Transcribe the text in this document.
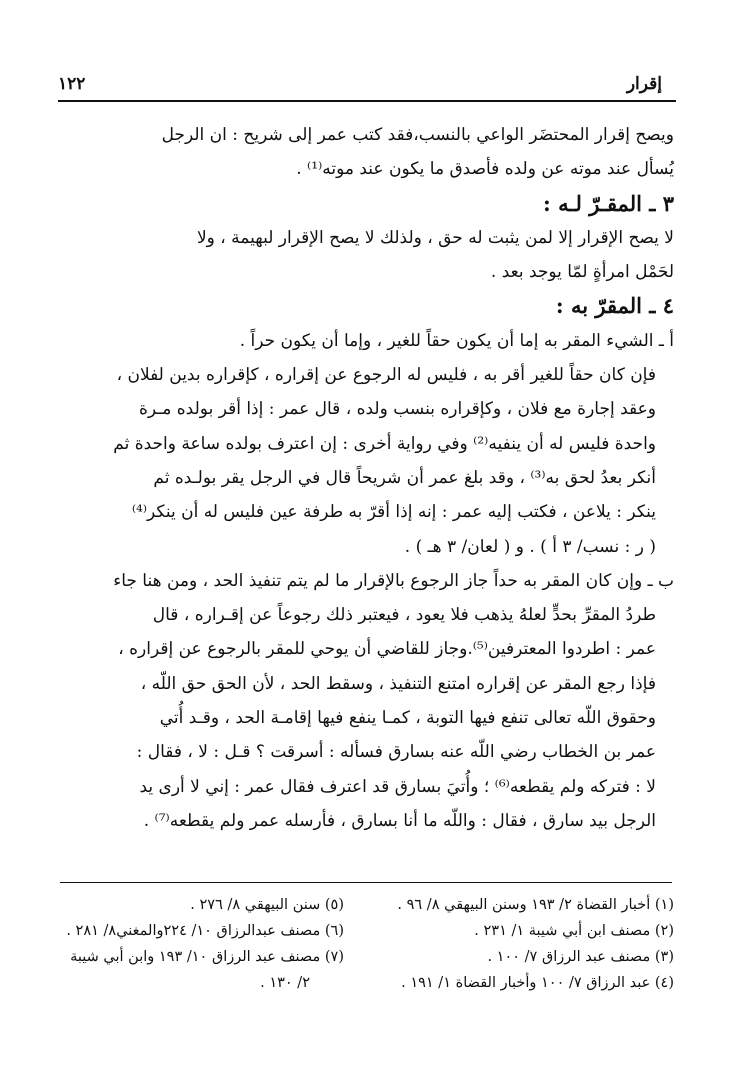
إقرار
١٢٢

ويصح إقرار المحتضَر الواعي بالنسب،فقد كتب عمر إلى شريح : ان الرجل

يُسأل عند موته عن ولده فأصدق ما يكون عند موته⁽¹⁾ .

٣ ـ المقـرّ لـه :

لا يصح الإقرار إلا لمن يثبت له حق ، ولذلك لا يصح الإقرار لبهيمة ، ولا

لحَمْل امرأةٍ لمّا يوجد بعد .

٤ ـ المقرّ به :

أ ـ الشيء المقر به إما أن يكون حقاً للغير ، وإما أن يكون حراً .

فإن كان حقاً للغير أقر به ، فليس له الرجوع عن إقراره ، كإقراره بدين لفلان ،

وعقد إجارة مع فلان ، وكإقراره بنسب ولده ، قال عمر : إذا أقر بولده مـرة

واحدة فليس له أن ينفيه⁽²⁾ وفي رواية أخرى : إن اعترف بولده ساعة واحدة ثم

أنكر بعدُ لحق به⁽³⁾ ، وقد بلغ عمر أن شريحاً قال في الرجل يقر بولـده ثم

ينكر : يلاعن ، فكتب إليه عمر : إنه إذا أقرّ به طرفة عين فليس له أن ينكر⁽⁴⁾

( ر : نسب/ ٣ أ ) . و ( لعان/ ٣ هـ ) .

ب ـ وإن كان المقر به حداً جاز الرجوع بالإقرار ما لم يتم تنفيذ الحد ، ومن هنا جاء

طردُ المقرِّ بحدٍّ لعلهُ يذهب فلا يعود ، فيعتبر ذلك رجوعاً عن إقـراره ، قال

عمر : اطردوا المعترفين⁽⁵⁾.وجاز للقاضي أن يوحي للمقر بالرجوع عن إقراره ،

فإذا رجع المقر عن إقراره امتنع التنفيذ ، وسقط الحد ، لأن الحق حق اللّه ،

وحقوق اللّه تعالى تنفع فيها التوبة ، كمـا ينفع فيها إقامـة الحد ، وقـد أُتي

عمر بن الخطاب رضي اللّه عنه بسارق فسأله : أسرقت ؟ قـل : لا ، فقال :

لا : فتركه ولم يقطعه⁽⁶⁾ ؛ وأُتيَ بسارق قد اعترف فقال عمر : إني لا أرى يد

الرجل بيد سارق ، فقال : واللّه ما أنا بسارق ، فأرسله عمر ولم يقطعه⁽⁷⁾ .

(١) أخبار القضاة ٢/ ١٩٣ وسنن البيهقي ٨/ ٩٦ .

(٢) مصنف ابن أبي شيبة ١/ ٢٣١ .

(٣) مصنف عبد الرزاق ٧/ ١٠٠ .

(٤) عبد الرزاق ٧/ ١٠٠ وأخبار القضاة ١/ ١٩١ .

(٥) سنن البيهقي ٨/ ٢٧٦ .

(٦) مصنف عبدالرزاق ١٠/ ٢٢٤والمغني٨/ ٢٨١ .

(٧) مصنف عبد الرزاق ١٠/ ١٩٣ وابن أبي شيبة

٢/ ١٣٠ .
